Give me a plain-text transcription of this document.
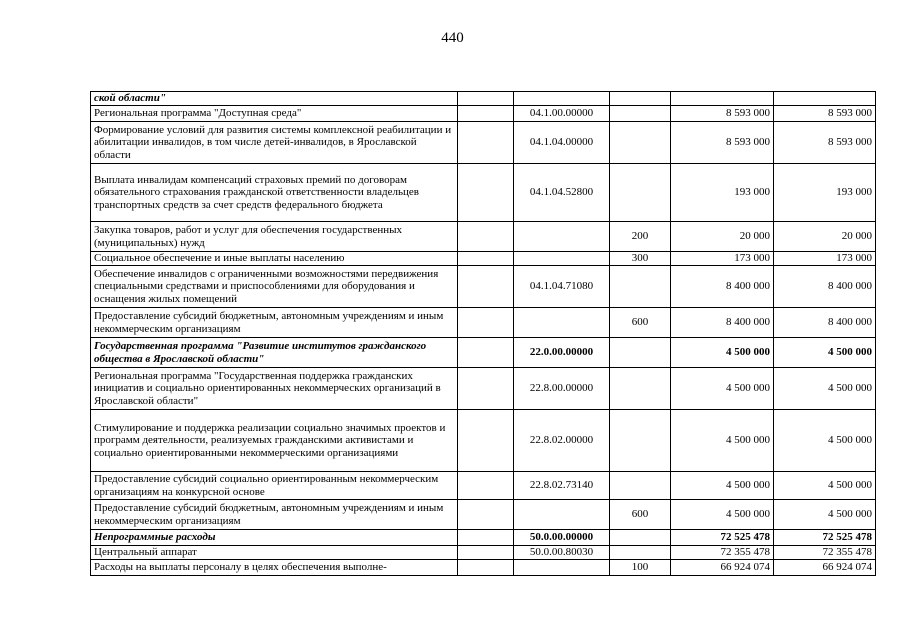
440
ской области"					
Региональная программа "Доступная среда"		04.1.00.00000		8 593 000	8 593 000
Формирование условий для развития системы комплексной реабилитации и абилитации инвалидов, в том числе детей-инвалидов, в Ярославской области		04.1.04.00000		8 593 000	8 593 000
Выплата инвалидам компенсаций страховых премий по договорам обязательного страхования гражданской ответственности владельцев транспортных средств за счет средств федерального бюджета		04.1.04.52800		193 000	193 000
Закупка товаров, работ и услуг для обеспечения государственных (муниципальных) нужд			200	20 000	20 000
Социальное обеспечение и иные выплаты населению			300	173 000	173 000
Обеспечение инвалидов с ограниченными возможностями передвижения специальными средствами и приспособлениями для оборудования и оснащения жилых помещений		04.1.04.71080		8 400 000	8 400 000
Предоставление субсидий бюджетным, автономным учреждениям и иным некоммерческим организациям			600	8 400 000	8 400 000
Государственная программа "Развитие институтов гражданского общества в Ярославской области"		22.0.00.00000		4 500 000	4 500 000
Региональная программа "Государственная поддержка гражданских инициатив и социально ориентированных некоммерческих организаций в Ярославской области"		22.8.00.00000		4 500 000	4 500 000
Стимулирование и поддержка реализации социально значимых проектов и программ деятельности, реализуемых гражданскими активистами и социально ориентированными некоммерческими организациями		22.8.02.00000		4 500 000	4 500 000
Предоставление субсидий социально ориентированным некоммерческим организациям на конкурсной основе		22.8.02.73140		4 500 000	4 500 000
Предоставление субсидий бюджетным, автономным учреждениям и иным некоммерческим организациям			600	4 500 000	4 500 000
Непрограммные расходы		50.0.00.00000		72 525 478	72 525 478
Центральный аппарат		50.0.00.80030		72 355 478	72 355 478
Расходы на выплаты персоналу в целях обеспечения выполне-			100	66 924 074	66 924 074
